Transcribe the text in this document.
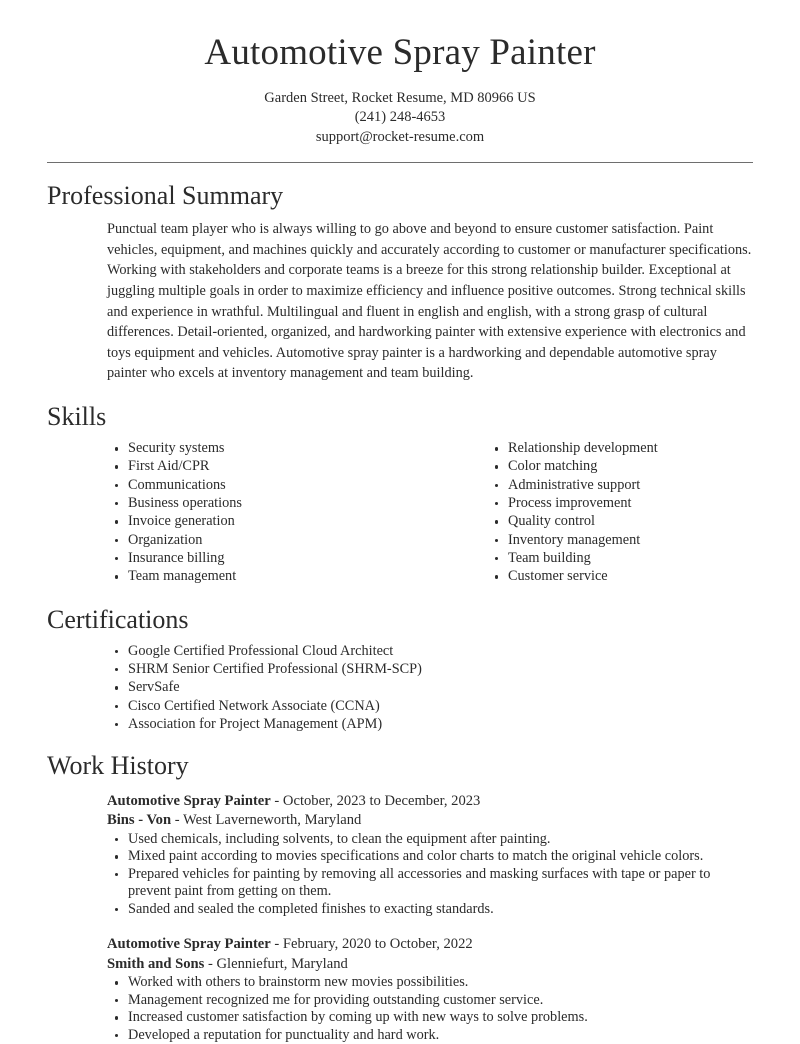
Automotive Spray Painter

Garden Street, Rocket Resume, MD 80966 US

(241) 248-4653

support@rocket-resume.com

Professional Summary

Punctual team player who is always willing to go above and beyond to ensure customer satisfaction. Paint vehicles, equipment, and machines quickly and accurately according to customer or manufacturer specifications. Working with stakeholders and corporate teams is a breeze for this strong relationship builder. Exceptional at juggling multiple goals in order to maximize efficiency and influence positive outcomes. Strong technical skills and experience in wrathful. Multilingual and fluent in english and english, with a strong grasp of cultural differences. Detail-oriented, organized, and hardworking painter with extensive experience with electronics and toys equipment and vehicles. Automotive spray painter is a hardworking and dependable automotive spray painter who excels at inventory management and team building.

Skills
Security systems
First Aid/CPR
Communications
Business operations
Invoice generation
Organization
Insurance billing
Team management
Relationship development
Color matching
Administrative support
Process improvement
Quality control
Inventory management
Team building
Customer service
Certifications
Google Certified Professional Cloud Architect
SHRM Senior Certified Professional (SHRM-SCP)
ServSafe
Cisco Certified Network Associate (CCNA)
Association for Project Management (APM)
Work History

Automotive Spray Painter - October, 2023 to December, 2023

Bins - Von - West Laverneworth, Maryland

Used chemicals, including solvents, to clean the equipment after painting.
Mixed paint according to movies specifications and color charts to match the original vehicle colors.
Prepared vehicles for painting by removing all accessories and masking surfaces with tape or paper to prevent paint from getting on them.
Sanded and sealed the completed finishes to exacting standards.

Automotive Spray Painter - February, 2020 to October, 2022

Smith and Sons - Glenniefurt, Maryland

Worked with others to brainstorm new movies possibilities.
Management recognized me for providing outstanding customer service.
Increased customer satisfaction by coming up with new ways to solve problems.
Developed a reputation for punctuality and hard work.
